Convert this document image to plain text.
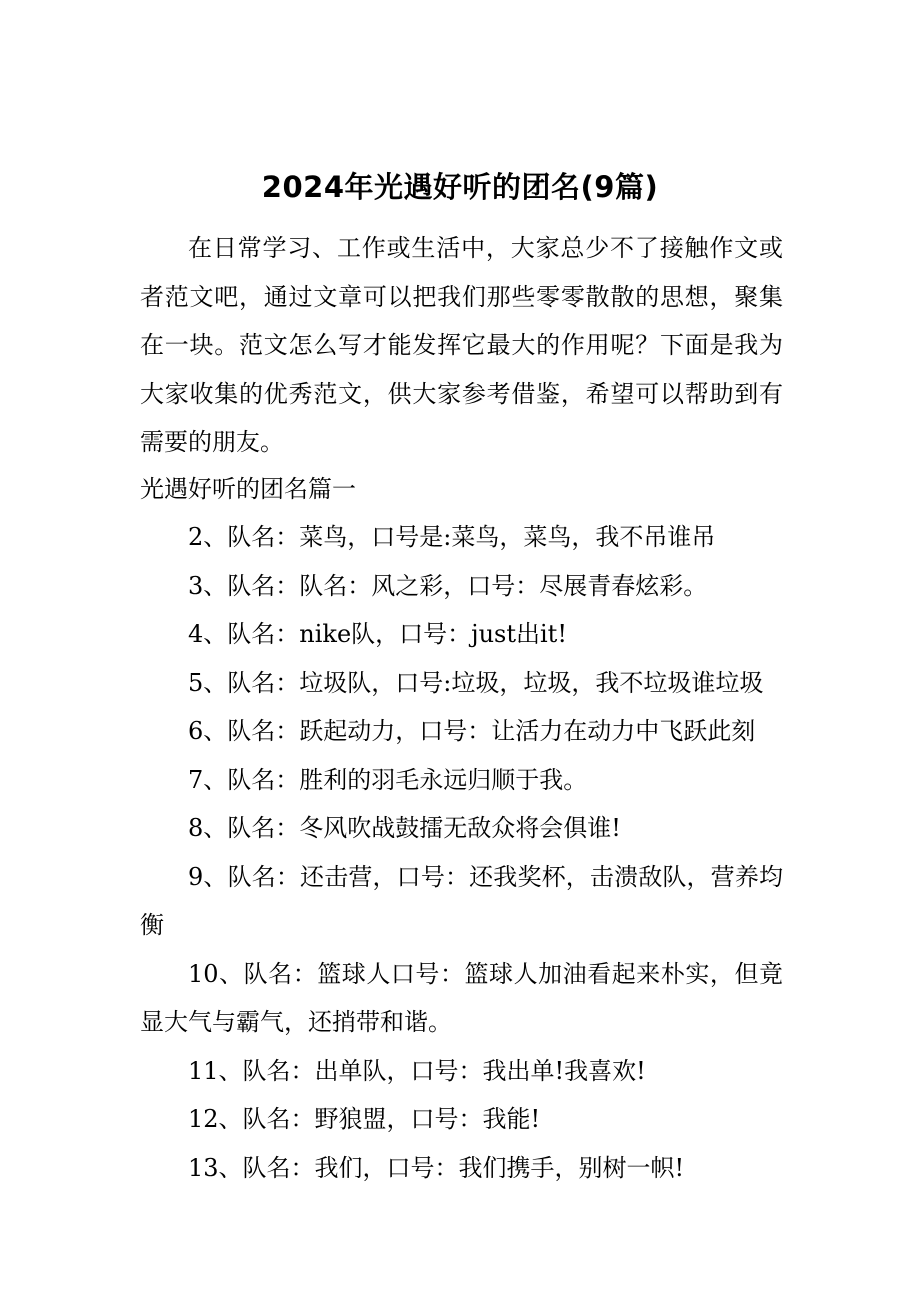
2024年光遇好听的团名(9篇)

在日常学习、工作或生活中，大家总少不了接触作文或者范文吧，通过文章可以把我们那些零零散散的思想，聚集在一块。范文怎么写才能发挥它最大的作用呢？下面是我为大家收集的优秀范文，供大家参考借鉴，希望可以帮助到有需要的朋友。

光遇好听的团名篇一

2、队名：菜鸟，口号是:菜鸟，菜鸟，我不吊谁吊

3、队名：队名：风之彩，口号：尽展青春炫彩。

4、队名：nike队，口号：just出it!

5、队名：垃圾队，口号:垃圾，垃圾，我不垃圾谁垃圾

6、队名：跃起动力，口号：让活力在动力中飞跃此刻

7、队名：胜利的羽毛永远归顺于我。

8、队名：冬风吹战鼓擂无敌众将会俱谁!

9、队名：还击营，口号：还我奖杯，击溃敌队，营养均衡

10、队名：篮球人口号：篮球人加油看起来朴实，但竟显大气与霸气，还捎带和谐。

11、队名：出单队，口号：我出单!我喜欢!

12、队名：野狼盟，口号：我能!

13、队名：我们，口号：我们携手，别树一帜!
